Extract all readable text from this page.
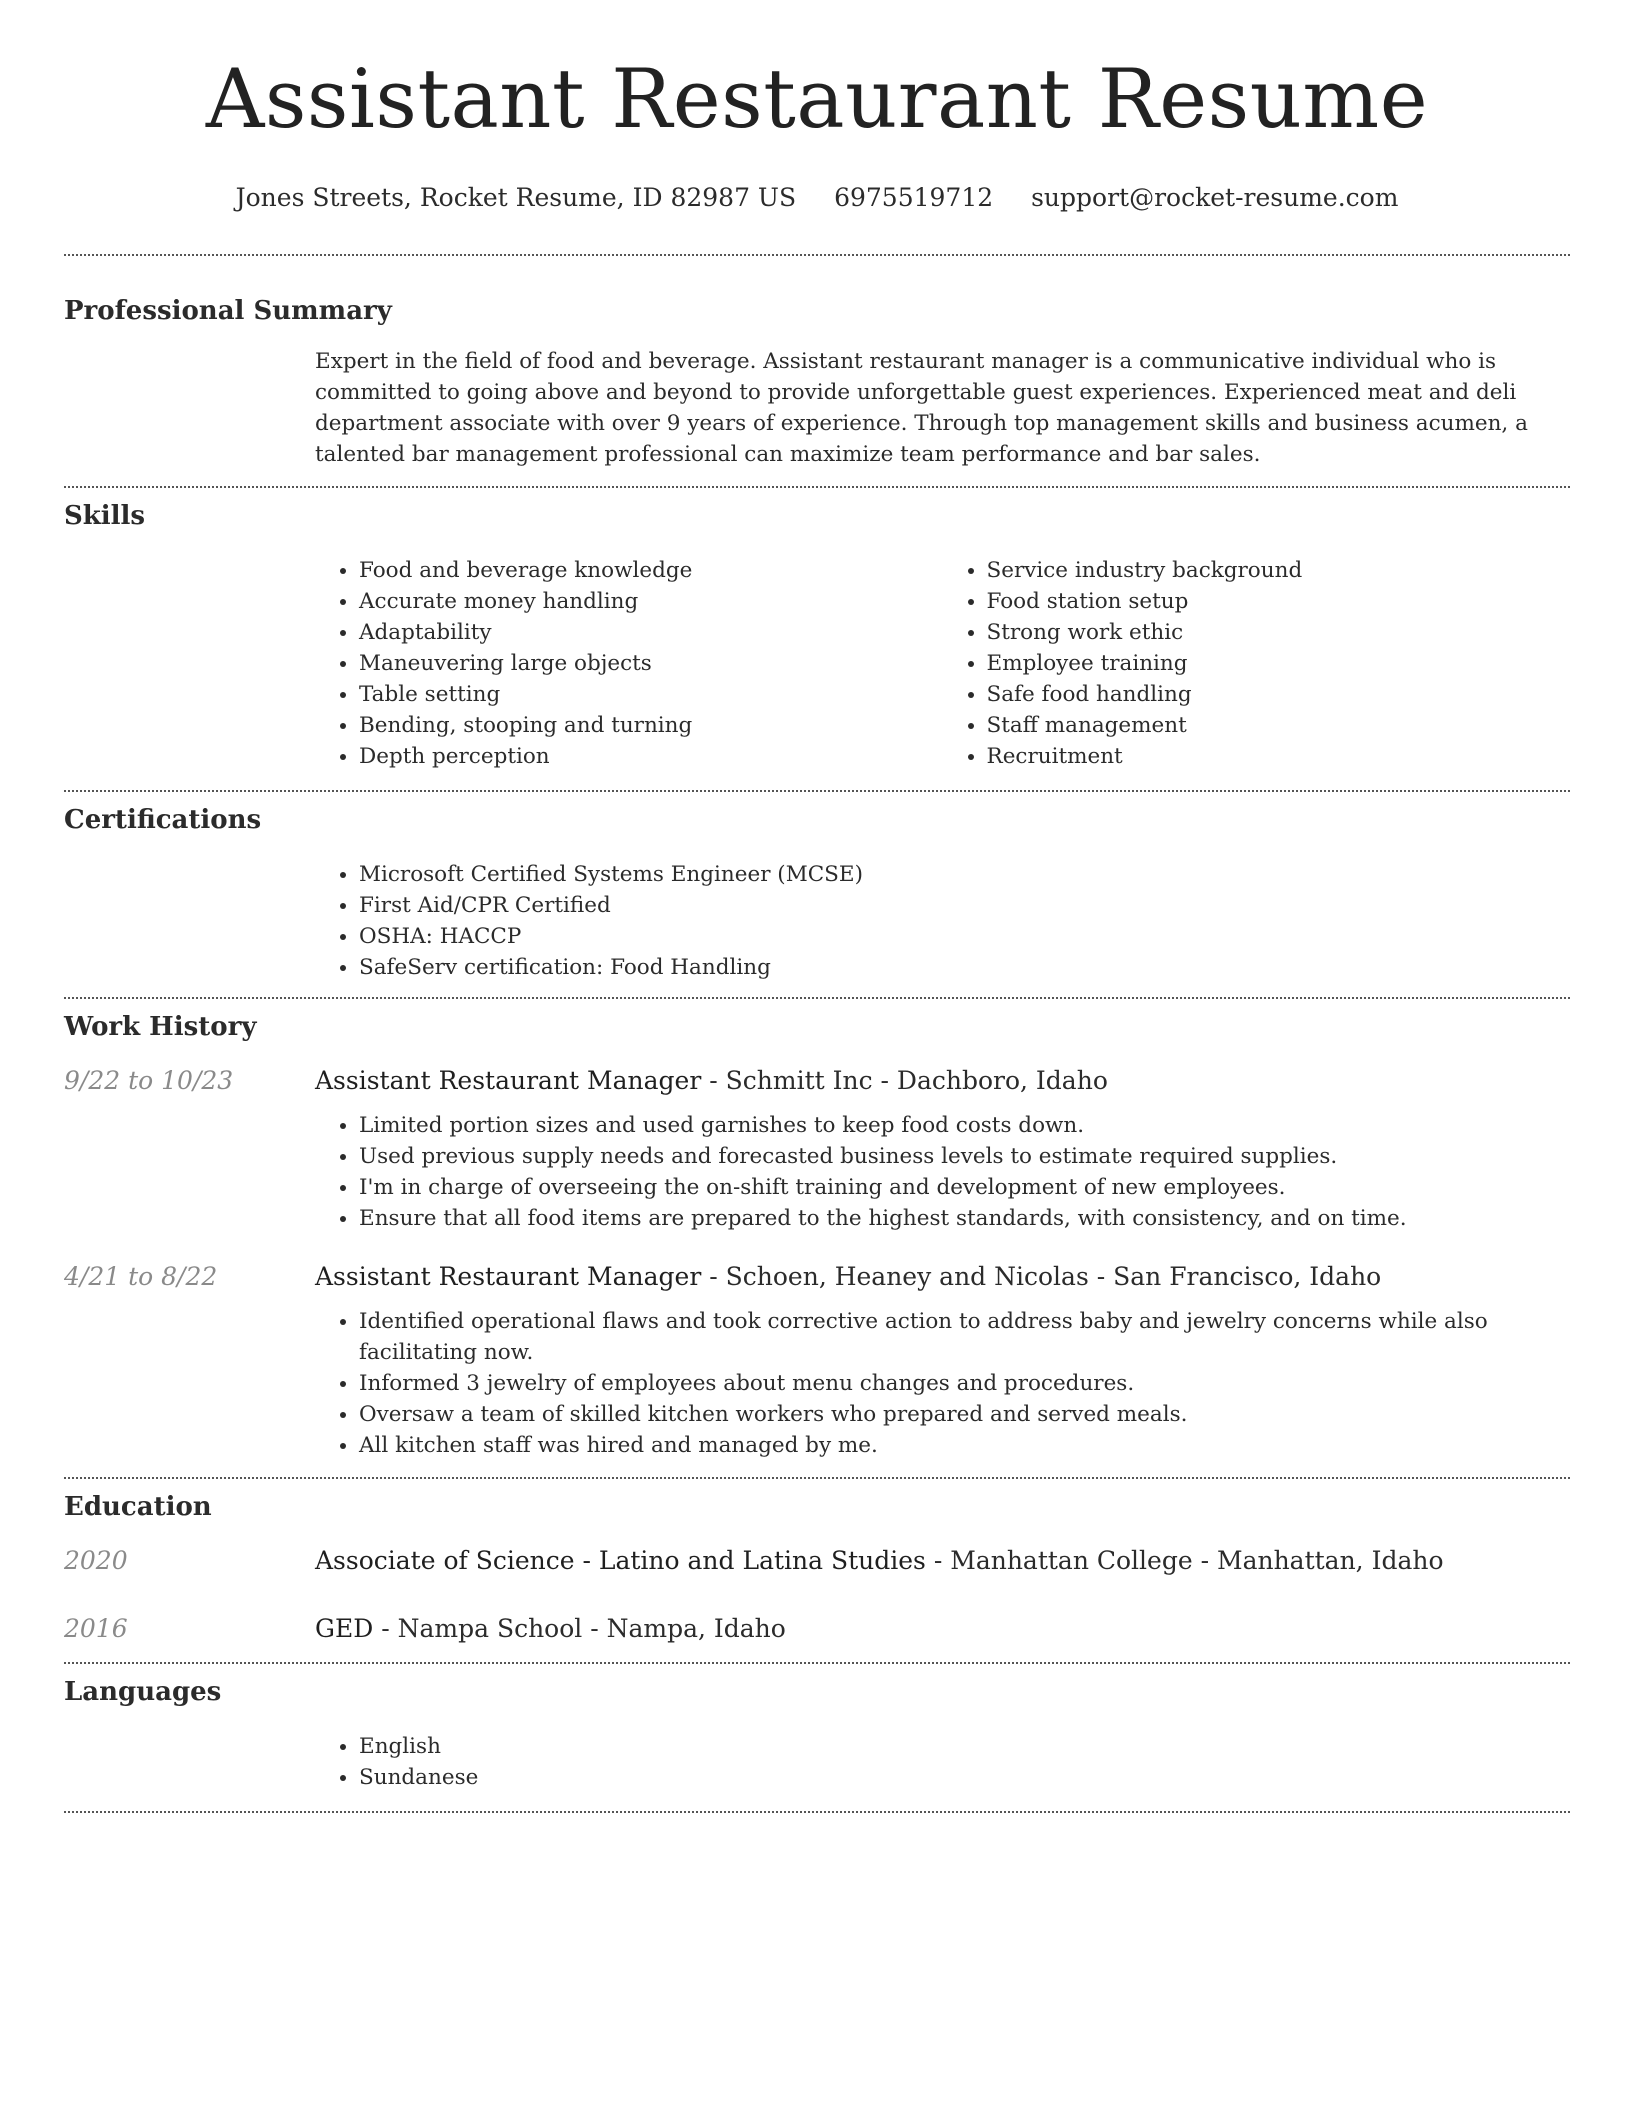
Assistant Restaurant Resume
Jones Streets, Rocket Resume, ID 82987 US 6975519712 support@rocket-resume.com
Professional Summary

Expert in the field of food and beverage. Assistant restaurant manager is a communicative individual who is committed to going above and beyond to provide unforgettable guest experiences. Experienced meat and deli department associate with over 9 years of experience. Through top management skills and business acumen, a talented bar management professional can maximize team performance and bar sales.

Skills
• Food and beverage knowledge
• Accurate money handling
• Adaptability
• Maneuvering large objects
• Table setting
• Bending, stooping and turning
• Depth perception
• Service industry background
• Food station setup
• Strong work ethic
• Employee training
• Safe food handling
• Staff management
• Recruitment
Certifications
• Microsoft Certified Systems Engineer (MCSE)
• First Aid/CPR Certified
• OSHA: HACCP
• SafeServ certification: Food Handling
Work History
9/22 to 10/23	Assistant Restaurant Manager - Schmitt Inc - Dachboro, Idaho
• Limited portion sizes and used garnishes to keep food costs down.
• Used previous supply needs and forecasted business levels to estimate required supplies.
• I'm in charge of overseeing the on-shift training and development of new employees.
• Ensure that all food items are prepared to the highest standards, with consistency, and on time.
4/21 to 8/22	Assistant Restaurant Manager - Schoen, Heaney and Nicolas - San Francisco, Idaho
• Identified operational flaws and took corrective action to address baby and jewelry concerns while also facilitating now.
• Informed 3 jewelry of employees about menu changes and procedures.
• Oversaw a team of skilled kitchen workers who prepared and served meals.
• All kitchen staff was hired and managed by me.
Education
2020	Associate of Science - Latino and Latina Studies - Manhattan College - Manhattan, Idaho
2016	GED - Nampa School - Nampa, Idaho
Languages
• English
• Sundanese
